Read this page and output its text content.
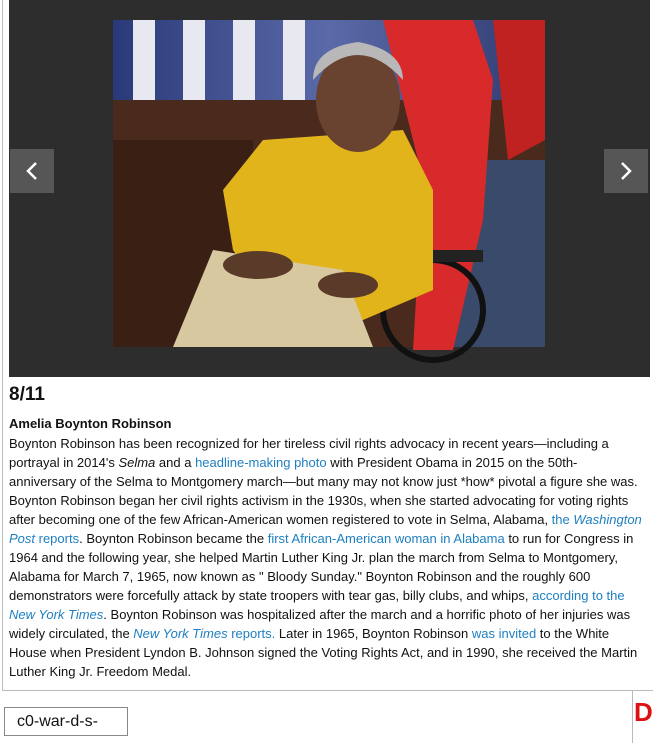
8/11
Amelia Boynton Robinson
Boynton Robinson has been recognized for her tireless civil rights advocacy in recent years—including a portrayal in 2014's Selma and a headline-making photo with President Obama in 2015 on the 50th-anniversary of the Selma to Montgomery march—but many may not know just *how* pivotal a figure she was. Boynton Robinson began her civil rights activism in the 1930s, when she started advocating for voting rights after becoming one of the few African-American women registered to vote in Selma, Alabama, the Washington Post reports. Boynton Robinson became the first African-American woman in Alabama to run for Congress in 1964 and the following year, she helped Martin Luther King Jr. plan the march from Selma to Montgomery, Alabama for March 7, 1965, now known as " Bloody Sunday." Boynton Robinson and the roughly 600 demonstrators were forcefully attack by state troopers with tear gas, billy clubs, and whips, according to the New York Times. Boynton Robinson was hospitalized after the march and a horrific photo of her injuries was widely circulated, the New York Times reports. Later in 1965, Boynton Robinson was invited to the White House when President Lyndon B. Johnson signed the Voting Rights Act, and in 1990, she received the Martin Luther King Jr. Freedom Medal.
c0-war-d-s-
D
